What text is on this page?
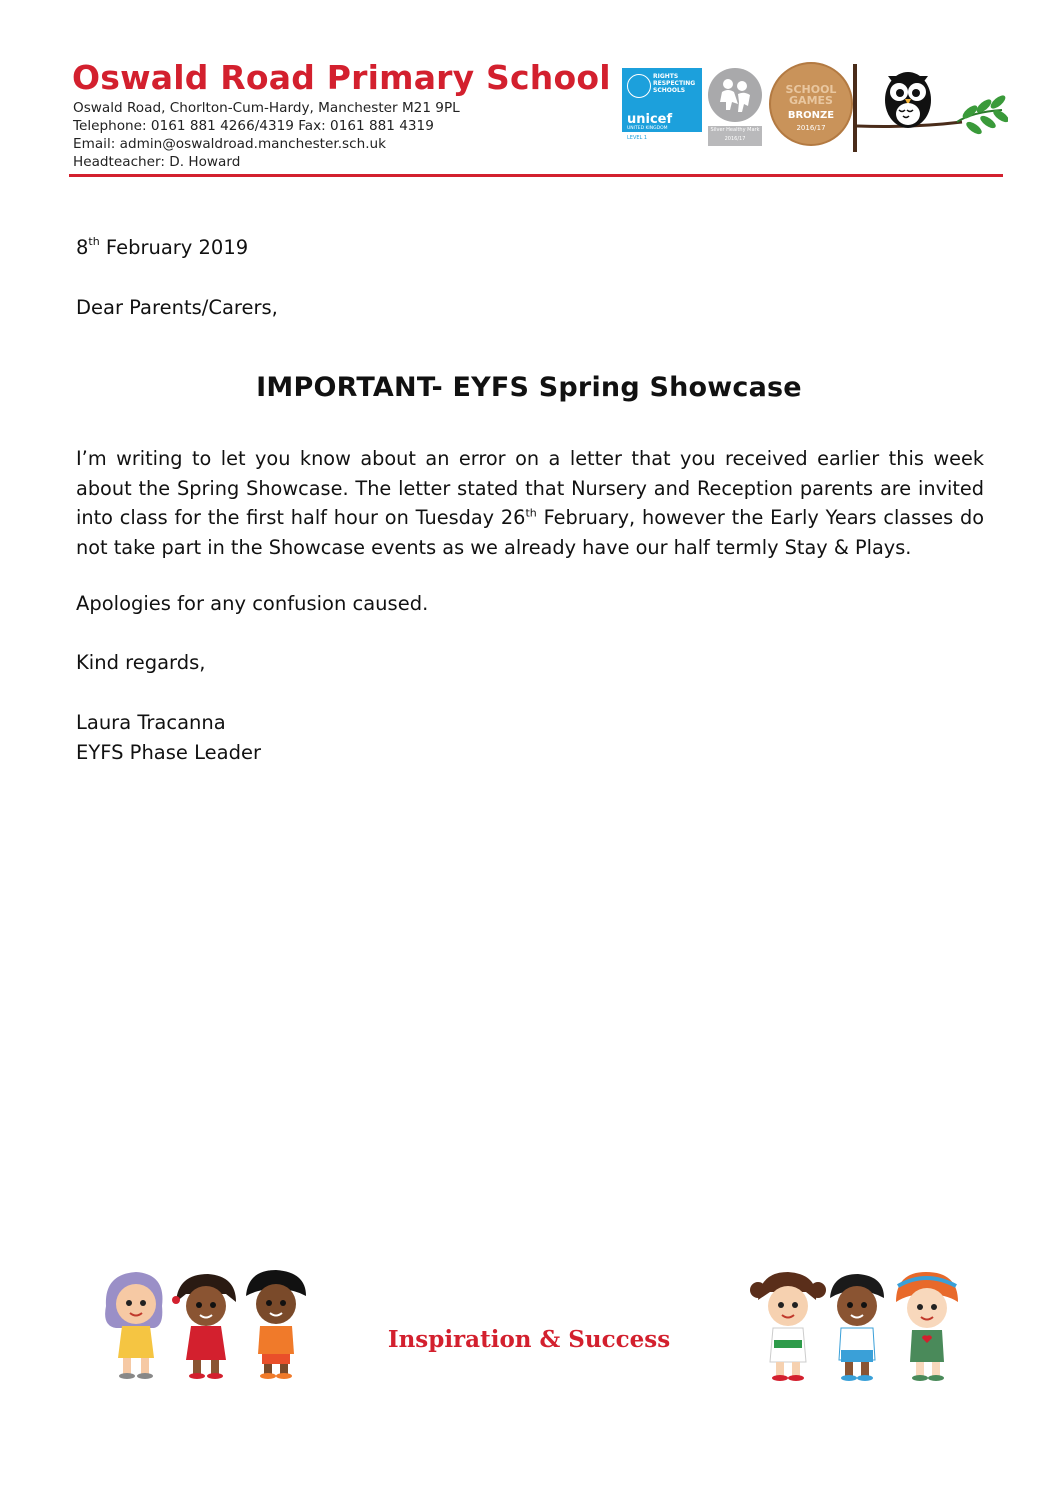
Oswald Road Primary School
Oswald Road, Chorlton-Cum-Hardy, Manchester M21 9PL
Telephone: 0161 881 4266/4319 Fax: 0161 881 4319
Email: admin@oswaldroad.manchester.sch.uk
Headteacher: D. Howard
RIGHTS RESPECTING SCHOOLS
unicef
UNITED KINGDOM
LEVEL 1
Silver Healthy Mark 2016/17
SCHOOL GAMES
BRONZE
2016/17
8th February 2019
Dear Parents/Carers,
IMPORTANT- EYFS Spring Showcase
I’m writing to let you know about an error on a letter that you received earlier this week about the Spring Showcase. The letter stated that Nursery and Reception parents are invited into class for the first half hour on Tuesday 26th February, however the Early Years classes do not take part in the Showcase events as we already have our half termly Stay & Plays.
Apologies for any confusion caused.
Kind regards,
Laura Tracanna
EYFS Phase Leader
Inspiration & Success
